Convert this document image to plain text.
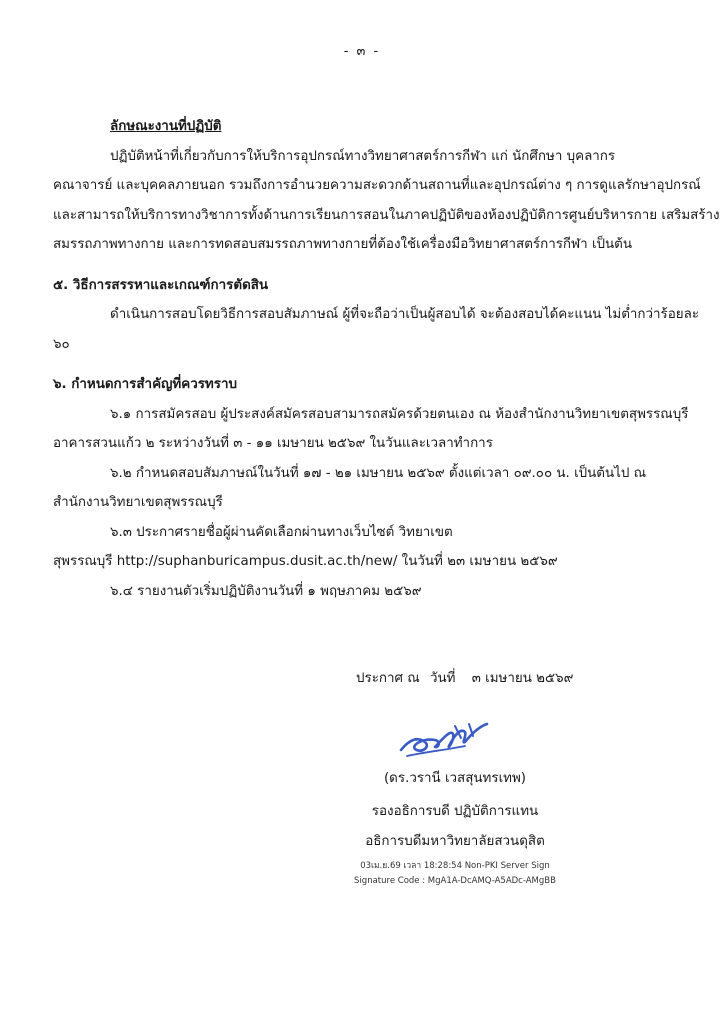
- ๓ -

ลักษณะงานที่ปฏิบัติ

ปฏิบัติหน้าที่เกี่ยวกับการให้บริการอุปกรณ์ทางวิทยาศาสตร์การกีฬา แก่ นักศึกษา บุคลากร
คณาจารย์ และบุคคลภายนอก รวมถึงการอำนวยความสะดวกด้านสถานที่และอุปกรณ์ต่าง ๆ การดูแลรักษาอุปกรณ์
และสามารถให้บริการทางวิชาการทั้งด้านการเรียนการสอนในภาคปฏิบัติของห้องปฏิบัติการศูนย์บริหารกาย เสริมสร้าง
สมรรถภาพทางกาย และการทดสอบสมรรถภาพทางกายที่ต้องใช้เครื่องมือวิทยาศาสตร์การกีฬา เป็นต้น

๕. วิธีการสรรหาและเกณฑ์การตัดสิน

ดำเนินการสอบโดยวิธีการสอบสัมภาษณ์ ผู้ที่จะถือว่าเป็นผู้สอบได้ จะต้องสอบได้คะแนน ไม่ต่ำกว่าร้อยละ
๖๐

๖. กำหนดการสำคัญที่ควรทราบ

๖.๑ การสมัครสอบ ผู้ประสงค์สมัครสอบสามารถสมัครด้วยตนเอง ณ ห้องสำนักงานวิทยาเขตสุพรรณบุรี
อาคารสวนแก้ว ๒ ระหว่างวันที่ ๓ - ๑๑ เมษายน ๒๕๖๙ ในวันและเวลาทำการ
๖.๒ กำหนดสอบสัมภาษณ์ในวันที่ ๑๗ - ๒๑ เมษายน ๒๕๖๙ ตั้งแต่เวลา ๐๙.๐๐ น. เป็นต้นไป ณ
สำนักงานวิทยาเขตสุพรรณบุรี
๖.๓ ประกาศรายชื่อผู้ผ่านคัดเลือกผ่านทางเว็บไซต์ วิทยาเขต
สุพรรณบุรี http://suphanburicampus.dusit.ac.th/new/ ในวันที่ ๒๓ เมษายน ๒๕๖๙
๖.๔ รายงานตัวเริ่มปฏิบัติงานวันที่ ๑ พฤษภาคม ๒๕๖๙
ประกาศ ณ วันที่ ๓ เมษายน ๒๕๖๙
(ดร.วรานี เวสสุนทรเทพ)
รองอธิการบดี ปฏิบัติการแทน
อธิการบดีมหาวิทยาลัยสวนดุสิต
03เม.ย.69 เวลา 18:28:54 Non-PKI Server Sign
Signature Code : MgA1A-DcAMQ-A5ADc-AMgBB
